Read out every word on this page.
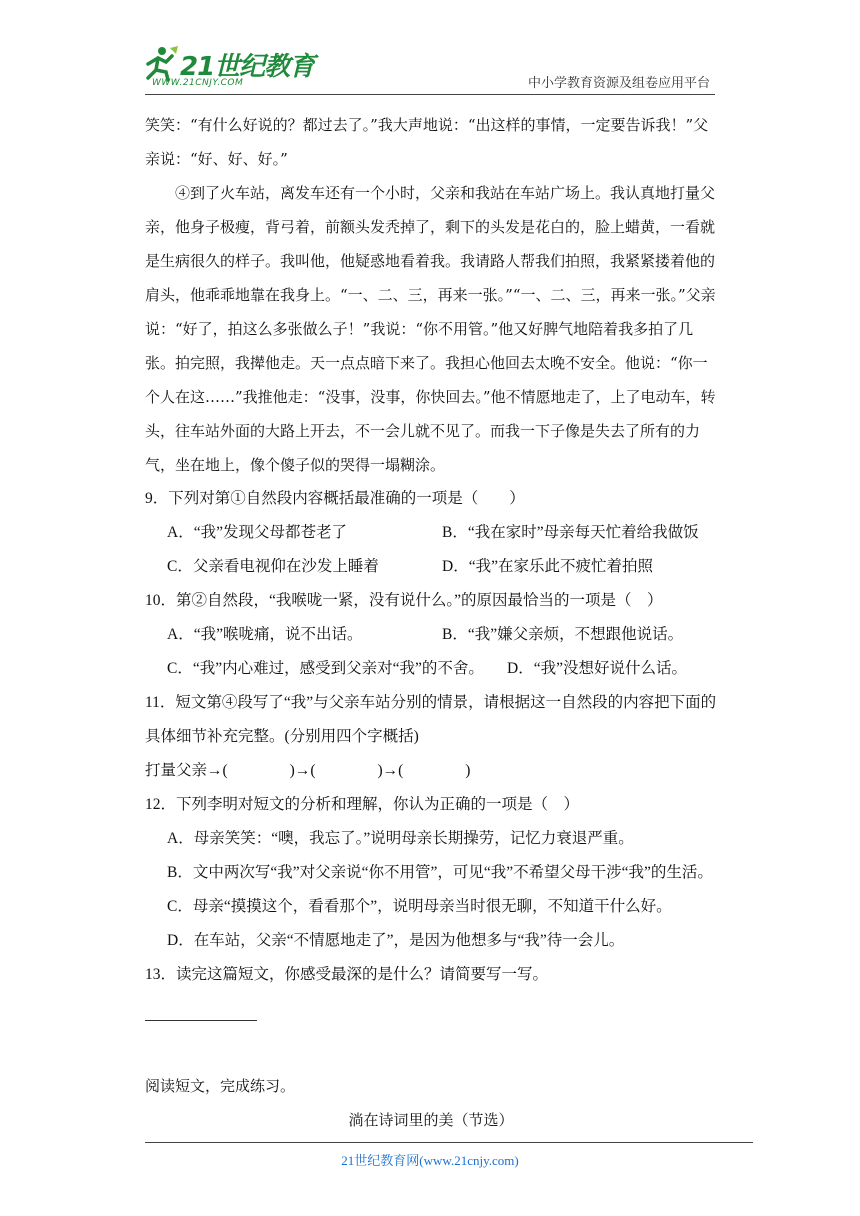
21世纪教育
WWW.21CNJY.COM	中小学教育资源及组卷应用平台

笑笑：“有什么好说的？都过去了。”我大声地说：“出这样的事情，一定要告诉我！”父亲说：“好、好、好。”

④到了火车站，离发车还有一个小时，父亲和我站在车站广场上。我认真地打量父亲，他身子极瘦，背弓着，前额头发秃掉了，剩下的头发是花白的，脸上蜡黄，一看就是生病很久的样子。我叫他，他疑惑地看着我。我请路人帮我们拍照，我紧紧搂着他的肩头，他乖乖地靠在我身上。“一、二、三，再来一张。”“一、二、三，再来一张。”父亲说：“好了，拍这么多张做么子！”我说：“你不用管。”他又好脾气地陪着我多拍了几张。拍完照，我撵他走。天一点点暗下来了。我担心他回去太晚不安全。他说：“你一个人在这……”我推他走：“没事，没事，你快回去。”他不情愿地走了，上了电动车，转头，往车站外面的大路上开去，不一会儿就不见了。而我一下子像是失去了所有的力气，坐在地上，像个傻子似的哭得一塌糊涂。

9．下列对第①自然段内容概括最准确的一项是（　　）

A．“我”发现父母都苍老了	B．“我在家时”母亲每天忙着给我做饭
C．父亲看电视仰在沙发上睡着	D．“我”在家乐此不疲忙着拍照

10．第②自然段，“我喉咙一紧，没有说什么。”的原因最恰当的一项是（　）

A．“我”喉咙痛，说不出话。	B．“我”嫌父亲烦，不想跟他说话。
C．“我”内心难过，感受到父亲对“我”的不舍。	D．“我”没想好说什么话。

11．短文第④段写了“我”与父亲车站分别的情景，请根据这一自然段的内容把下面的具体细节补充完整。(分别用四个字概括)

打量父亲→(　　　　)→(　　　　)→(　　　　)

12．下列李明对短文的分析和理解，你认为正确的一项是（　）

A．母亲笑笑：“噢，我忘了。”说明母亲长期操劳，记忆力衰退严重。
B．文中两次写“我”对父亲说“你不用管”，可见“我”不希望父母干涉“我”的生活。
C．母亲“摸摸这个，看看那个”，说明母亲当时很无聊，不知道干什么好。
D．在车站，父亲“不情愿地走了”，是因为他想多与“我”待一会儿。

13．读完这篇短文，你感受最深的是什么？请简要写一写。

阅读短文，完成练习。

淌在诗词里的美（节选）

21世纪教育网(www.21cnjy.com)
